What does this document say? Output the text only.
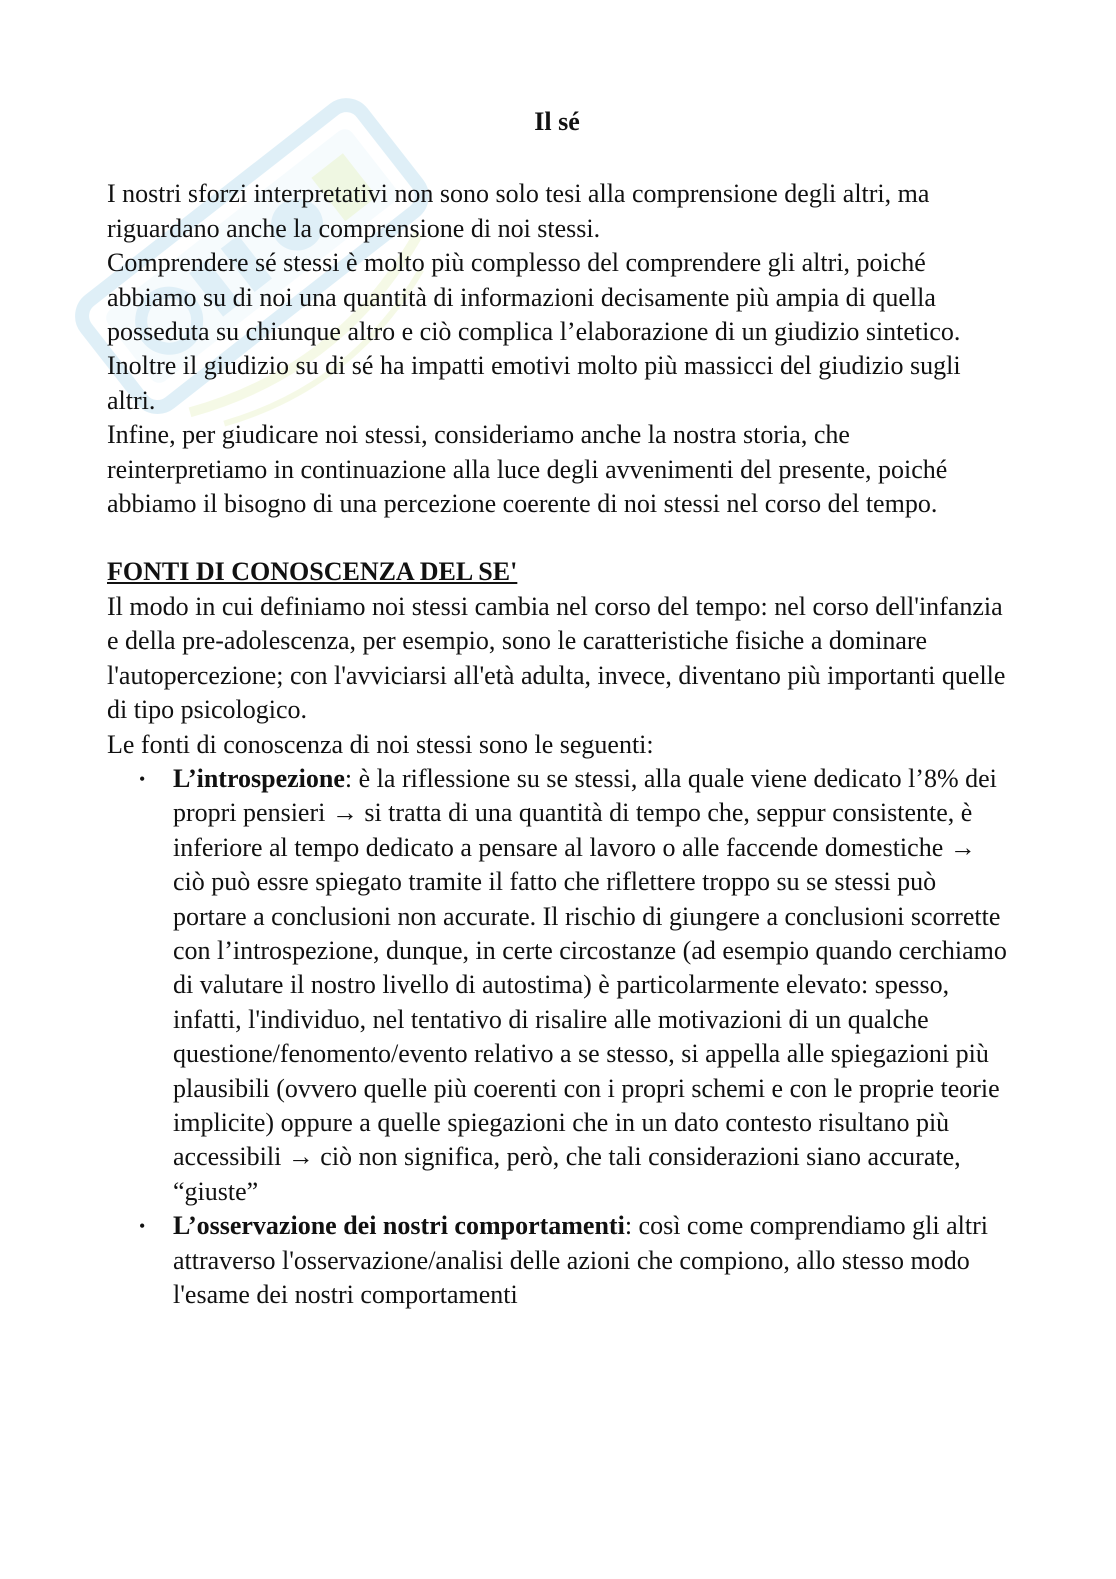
Il sé

I nostri sforzi interpretativi non sono solo tesi alla comprensione degli altri, ma riguardano anche la comprensione di noi stessi.

Comprendere sé stessi è molto più complesso del comprendere gli altri, poiché abbiamo su di noi una quantità di informazioni decisamente più ampia di quella posseduta su chiunque altro e ciò complica l’elaborazione di un giudizio sintetico.

Inoltre il giudizio su di sé ha impatti emotivi molto più massicci del giudizio sugli altri.

Infine, per giudicare noi stessi, consideriamo anche la nostra storia, che reinterpretiamo in continuazione alla luce degli avvenimenti del presente, poiché abbiamo il bisogno di una percezione coerente di noi stessi nel corso del tempo.

FONTI DI CONOSCENZA DEL SE'

Il modo in cui definiamo noi stessi cambia nel corso del tempo: nel corso dell'infanzia e della pre-adolescenza, per esempio, sono le caratteristiche fisiche a dominare l'autopercezione; con l'avviciarsi all'età adulta, invece, diventano più importanti quelle di tipo psicologico.

Le fonti di conoscenza di noi stessi sono le seguenti:

• L’introspezione: è la riflessione su se stessi, alla quale viene dedicato l’8% dei propri pensieri → si tratta di una quantità di tempo che, seppur consistente, è inferiore al tempo dedicato a pensare al lavoro o alle faccende domestiche → ciò può essre spiegato tramite il fatto che riflettere troppo su se stessi può portare a conclusioni non accurate. Il rischio di giungere a conclusioni scorrette con l’introspezione, dunque, in certe circostanze (ad esempio quando cerchiamo di valutare il nostro livello di autostima) è particolarmente elevato: spesso, infatti, l'individuo, nel tentativo di risalire alle motivazioni di un qualche questione/fenomento/evento relativo a se stesso, si appella alle spiegazioni più plausibili (ovvero quelle più coerenti con i propri schemi e con le proprie teorie implicite) oppure a quelle spiegazioni che in un dato contesto risultano più accessibili → ciò non significa, però, che tali considerazioni siano accurate, “giuste”
• L’osservazione dei nostri comportamenti: così come comprendiamo gli altri attraverso l'osservazione/analisi delle azioni che compiono, allo stesso modo l'esame dei nostri comportamenti
